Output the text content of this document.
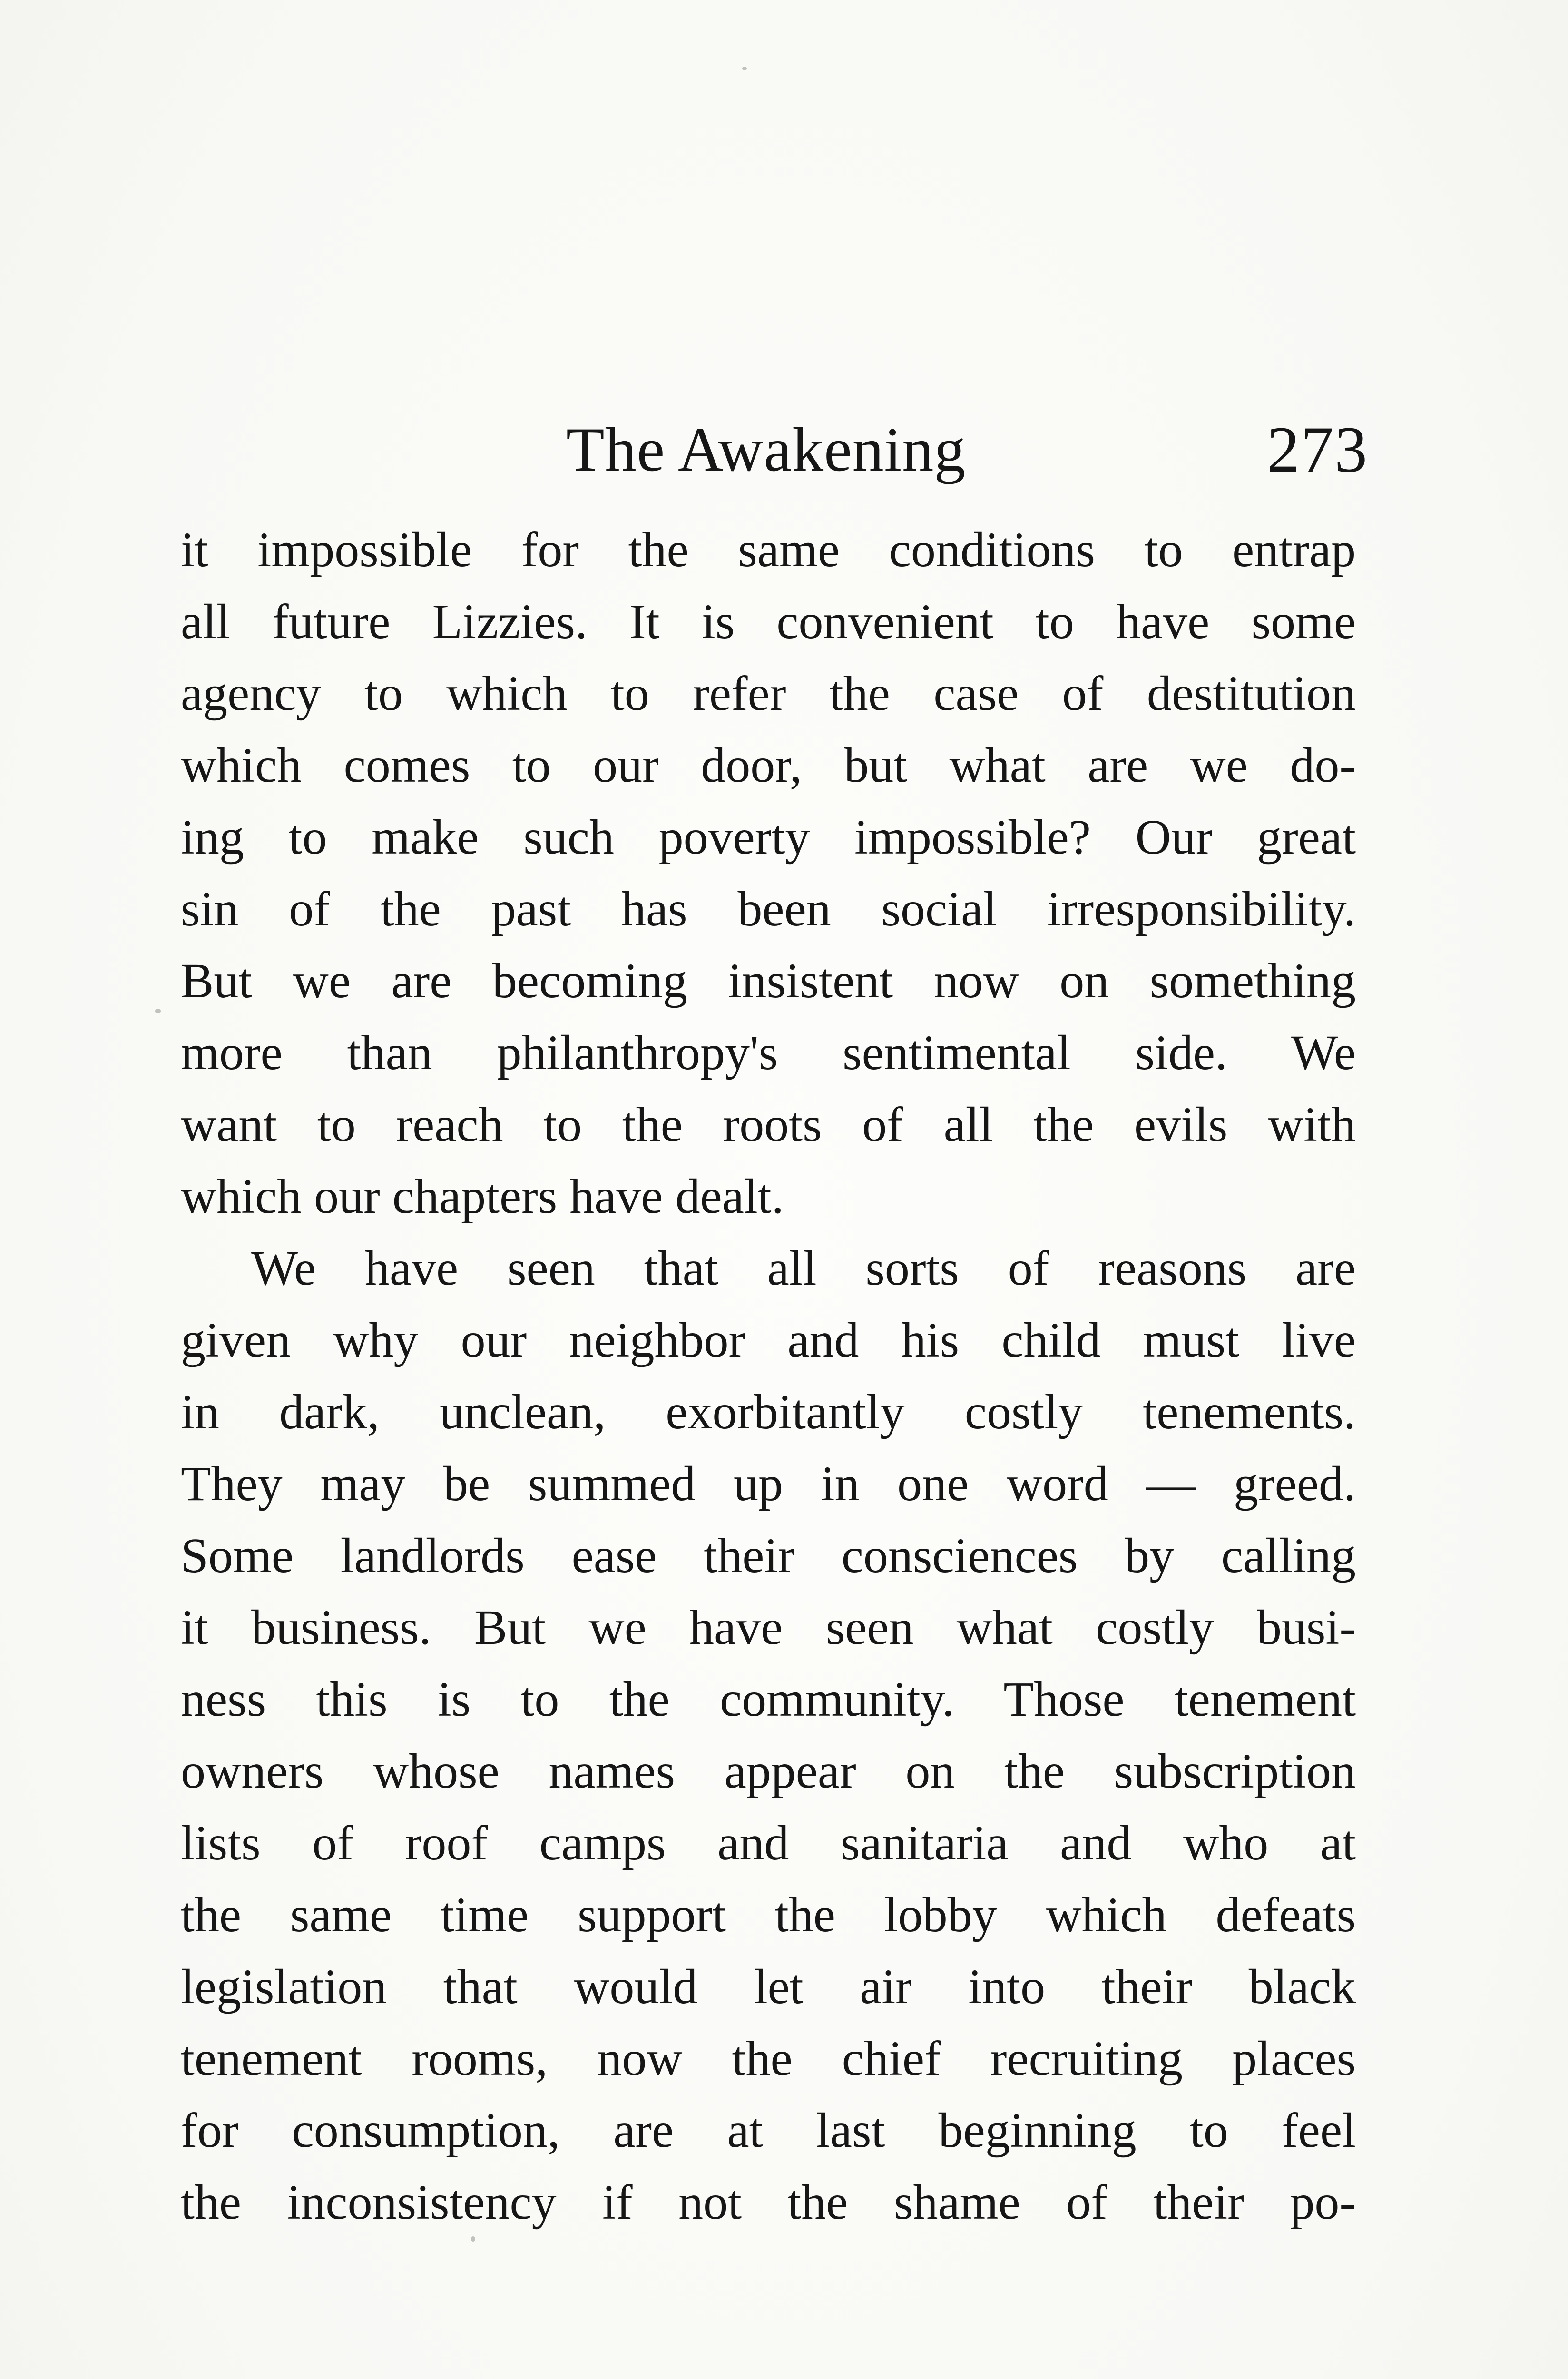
The Awakening	273
it impossible for the same conditions to entrap
all future Lizzies. It is convenient to have some
agency to which to refer the case of destitution
which comes to our door, but what are we do-
ing to make such poverty impossible? Our great
sin of the past has been social irresponsibility.
But we are becoming insistent now on something
more than philanthropy's sentimental side. We
want to reach to the roots of all the evils with
which our chapters have dealt.
We have seen that all sorts of reasons are
given why our neighbor and his child must live
in dark, unclean, exorbitantly costly tenements.
They may be summed up in one word — greed.
Some landlords ease their consciences by calling
it business. But we have seen what costly busi-
ness this is to the community. Those tenement
owners whose names appear on the subscription
lists of roof camps and sanitaria and who at
the same time support the lobby which defeats
legislation that would let air into their black
tenement rooms, now the chief recruiting places
for consumption, are at last beginning to feel
the inconsistency if not the shame of their po-
